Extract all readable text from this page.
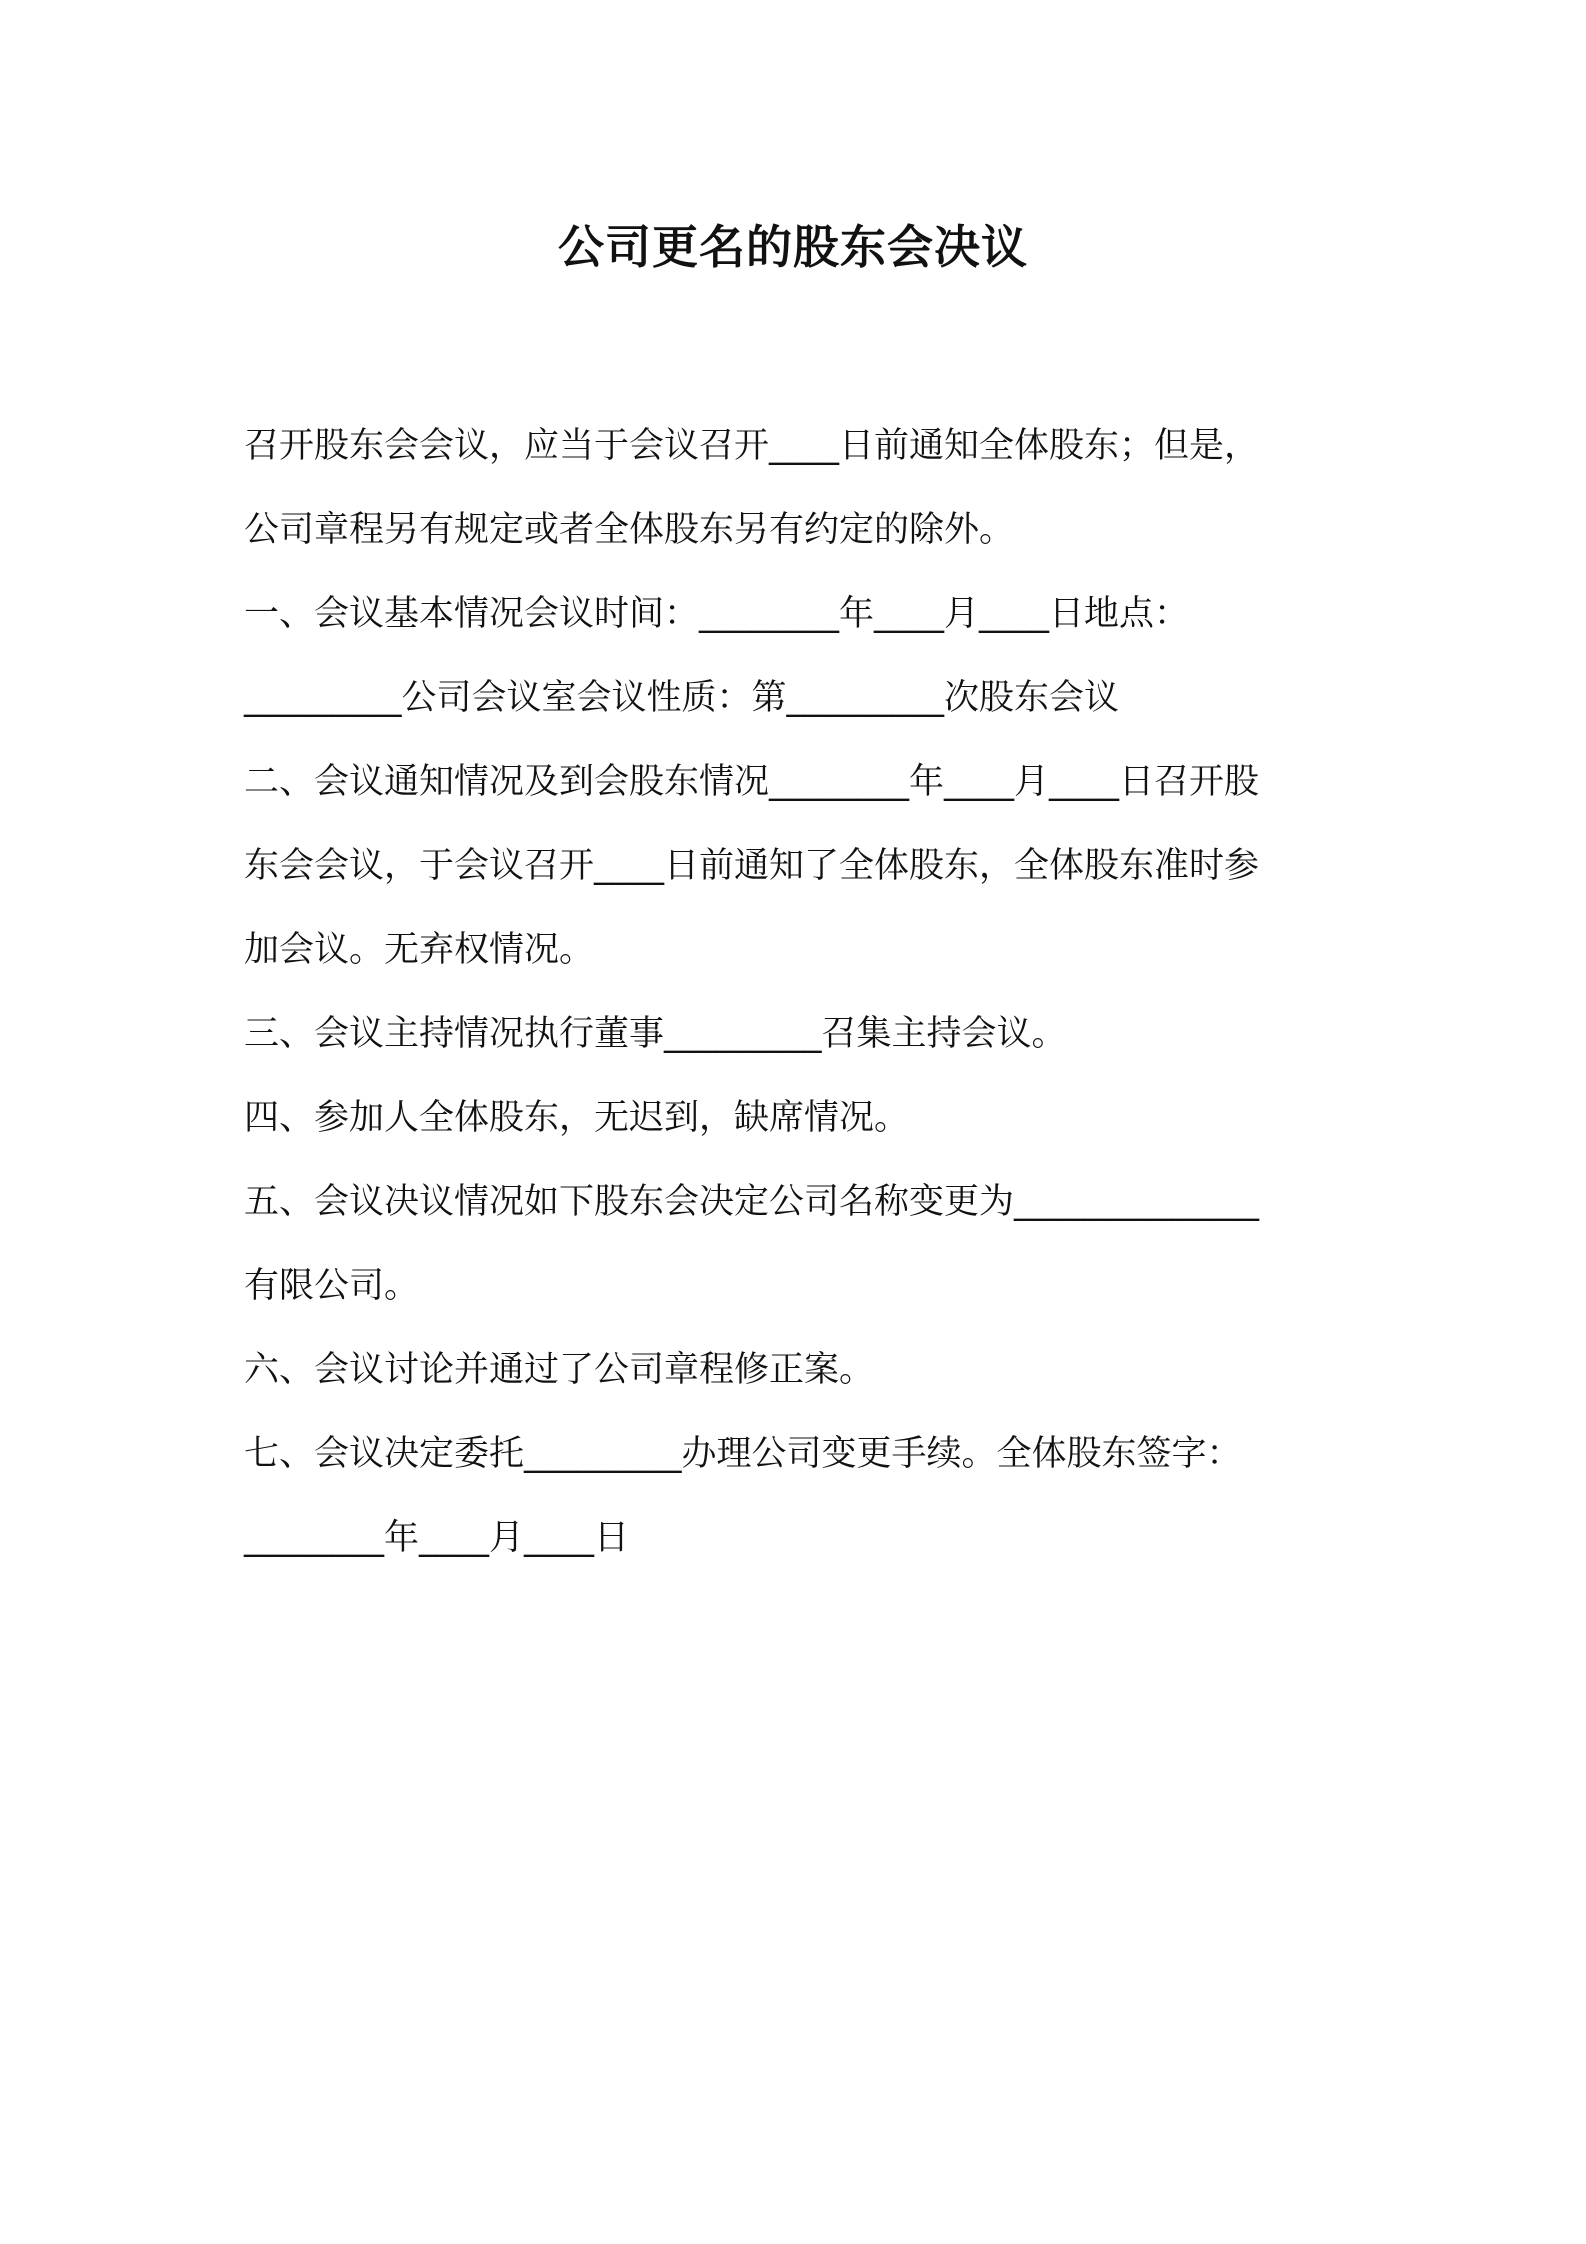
公司更名的股东会决议
召开股东会会议，应当于会议召开____日前通知全体股东；但是，
公司章程另有规定或者全体股东另有约定的除外。
一、会议基本情况会议时间：________年____月____日地点：
_________公司会议室会议性质：第_________次股东会议
二、会议通知情况及到会股东情况________年____月____日召开股
东会会议，于会议召开____日前通知了全体股东，全体股东准时参
加会议。无弃权情况。
三、会议主持情况执行董事_________召集主持会议。
四、参加人全体股东，无迟到，缺席情况。
五、会议决议情况如下股东会决定公司名称变更为______________
有限公司。
六、会议讨论并通过了公司章程修正案。
七、会议决定委托_________办理公司变更手续。全体股东签字：
________年____月____日
